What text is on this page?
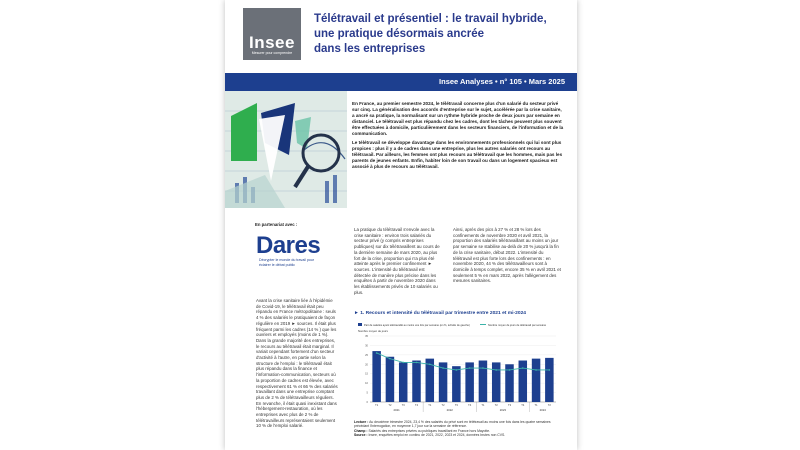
Insee
Mesurer pour comprendre
Télétravail et présentiel : le travail hybride,
une pratique désormais ancrée
dans les entreprises
Insee Analyses • n° 105 • Mars 2025

En France, au premier semestre 2024, le télétravail concerne plus d'un salarié du secteur privé sur cinq. La généralisation des accords d'entreprise sur le sujet, accélérée par la crise sanitaire, a ancré sa pratique, la normalisant sur un rythme hybride proche de deux jours par semaine en distanciel. Le télétravail est plus répandu chez les cadres, dont les tâches peuvent plus souvent être effectuées à domicile, particulièrement dans les secteurs financiers, de l'information et de la communication.

Le télétravail se développe davantage dans les environnements professionnels qui lui sont plus propices : plus il y a de cadres dans une entreprise, plus les autres salariés ont recours au télétravail. Par ailleurs, les femmes ont plus recours au télétravail que les hommes, mais pas les parents de jeunes enfants. Enfin, habiter loin de son travail ou dans un logement spacieux est associé à plus de recours au télétravail.

En partenariat avec :
Dares
Décrypter le monde du travail pour éclairer le débat public
Avant la crise sanitaire liée à l'épidémie de Covid-19, le télétravail était peu répandu en France métropolitaine : seuls 4 % des salariés le pratiquaient de façon régulière en 2019 ► sources. Il était plus fréquent parmi les cadres (14 % ) que les ouvriers et employés (moins de 1 %). Dans la grande majorité des entreprises, le recours au télétravail était marginal. Il variait cependant fortement d'un secteur d'activité à l'autre, en partie selon la structure de l'emploi : le télétravail était plus répandu dans la finance et l'information-communication, secteurs où la proportion de cadres est élevée, avec respectivement 61 % et 66 % des salariés travaillant dans une entreprise comptant plus de 2 % de télétravailleurs réguliers. En revanche, il était quasi inexistant dans l'hébergement-restauration, où les entreprises avec plus de 2 % de télétravailleurs représentaient seulement 10 % de l'emploi salarié.
La pratique du télétravail s'envole avec la crise sanitaire : environ trois salariés du secteur privé (y compris entreprises publiques) sur dix télétravaillent au cours de la dernière semaine de mars 2020, au plus fort de la crise, proportion qui n'a plus été atteinte après le premier confinement ► sources. L'intensité du télétravail est détectée de manière plus précise dans les enquêtes à partir de novembre 2020 dans les établissements privés de 10 salariés ou plus.
Ainsi, après des pics à 27 % et 28 % lors des confinements de novembre 2020 et avril 2021, la proportion des salariés télétravaillant au moins un jour par semaine se stabilise au-delà de 20 % jusqu'à la fin de la crise sanitaire, début 2022. L'intensité du télétravail est plus forte lors des confinements : en novembre 2020, 44 % des télétravailleurs sont à domicile à temps complet, encore 35 % en avril 2021 et seulement 5 % en mars 2022, après l'allègement des mesures sanitaires.
► 1. Recours et intensité du télétravail par trimestre entre 2021 et mi-2024
Part de salariés ayant télétravaillé au moins une fois par semaine (en %, échelle de gauche)	Nombre moyen de jours de télétravail par semaine
Nombre moyen de jours
0
5
10
15
20
25
30
35
T1	T2	T3	T4	T1	T2	T3	T4	T1	T2	T3	T4	T1	T2
2021	2022	2023	2024
Lecture : Au deuxième trimestre 2024, 23,4 % des salariés du privé sont en télétravail au moins une fois dans les quatre semaines précédant l'interrogation, en moyenne 1,7 jour sur la semaine de référence.
Champ : Salariés des entreprises privées ou publiques travaillant en France hors Mayotte.
Source : Insee, enquêtes emploi en continu de 2021, 2022, 2023 et 2024, données brutes non CVS.
